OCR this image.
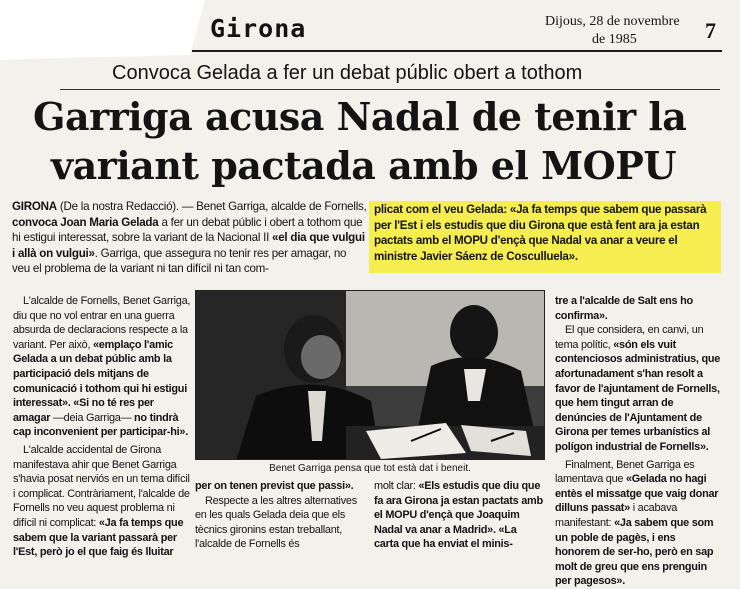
Girona	Dijous, 28 de novembre
de 1985	7
Convoca Gelada a fer un debat públic obert a tothom
Garriga acusa Nadal de tenir la
variant pactada amb el MOPU
GIRONA (De la nostra Redacció). — Benet Garriga, alcalde de Fornells, convoca Joan Maria Gelada a fer un debat públic i obert a tothom que hi estigui interessat, sobre la variant de la Nacional II «el dia que vulgui i allà on vulgui». Garriga, que assegura no tenir res per amagar, no veu el problema de la variant ni tan difícil ni tan com-
plicat com el veu Gelada: «Ja fa temps que sabem que passarà per l'Est i els estudis que diu Girona que està fent ara ja estan pactats amb el MOPU d'ençà que Nadal va anar a veure el ministre Javier Sáenz de Cosculluela».

L'alcalde de Fornells, Benet Garriga, diu que no vol entrar en una guerra absurda de declaracions respecte a la variant. Per això, «emplaço l'amic Gelada a un debat públic amb la participació dels mitjans de comunicació i tothom qui hi estigui interessat». «Si no té res per amagar —deia Garriga— no tindrà cap inconvenient per participar-hi».

L'alcalde accidental de Girona manifestava ahir que Benet Garriga s'havia posat nerviós en un tema difícil i complicat. Contràriament, l'alcalde de Fornells no veu aquest problema ni difícil ni complicat: «Ja fa temps que sabem que la variant passarà per l'Est, però jo el que faig és lluitar

Benet Garriga pensa que tot està dat i beneit.

per on tenen previst que passi».

Respecte a les altres alternatives en les quals Gelada deia que els tècnics gironins estan treballant, l'alcalde de Fornells és

molt clar: «Els estudis que diu que fa ara Girona ja estan pactats amb el MOPU d'ençà que Joaquim Nadal va anar a Madrid». «La carta que ha enviat el minis-

tre a l'alcalde de Salt ens ho confirma».

El que considera, en canvi, un tema polític, «són els vuit contenciosos administratius, que afortunadament s'han resolt a favor de l'ajuntament de Fornells, que hem tingut arran de denúncies de l'Ajuntament de Girona per temes urbanístics al polígon industrial de Fornells».

Finalment, Benet Garriga es lamentava que «Gelada no hagi entès el missatge que vaig donar dilluns passat» i acabava manifestant: «Ja sabem que som un poble de pagès, i ens honorem de ser-ho, però en sap molt de greu que ens prenguin per pagesos».
